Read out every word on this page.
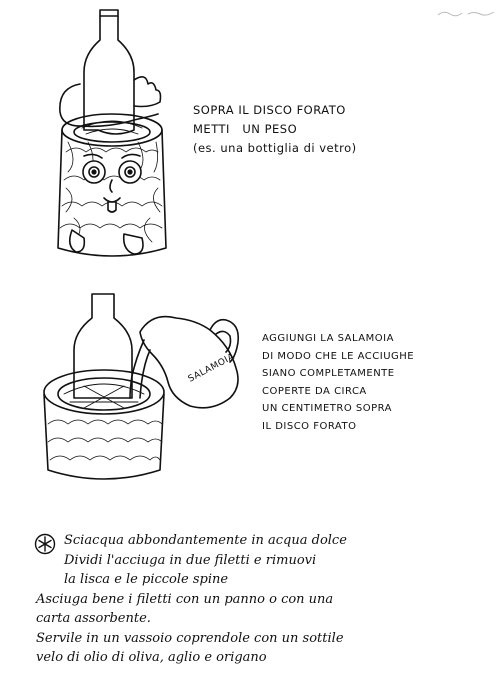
SOPRA IL DISCO FORATO
METTI   UN PESO
(es. una bottiglia di vetro)
SALAMOIA
AGGIUNGI LA SALAMOIA
DI MODO CHE LE ACCIUGHE
SIANO COMPLETAMENTE
COPERTE DA CIRCA
UN CENTIMETRO SOPRA
IL DISCO FORATO
Sciacqua abbondantemente in acqua dolce
Dividi l'acciuga in due filetti e rimuovi
la lisca e le piccole spine
Asciuga bene i filetti con un panno o con una
carta assorbente.
Servile in un vassoio coprendole con un sottile
velo di olio di oliva, aglio e origano
